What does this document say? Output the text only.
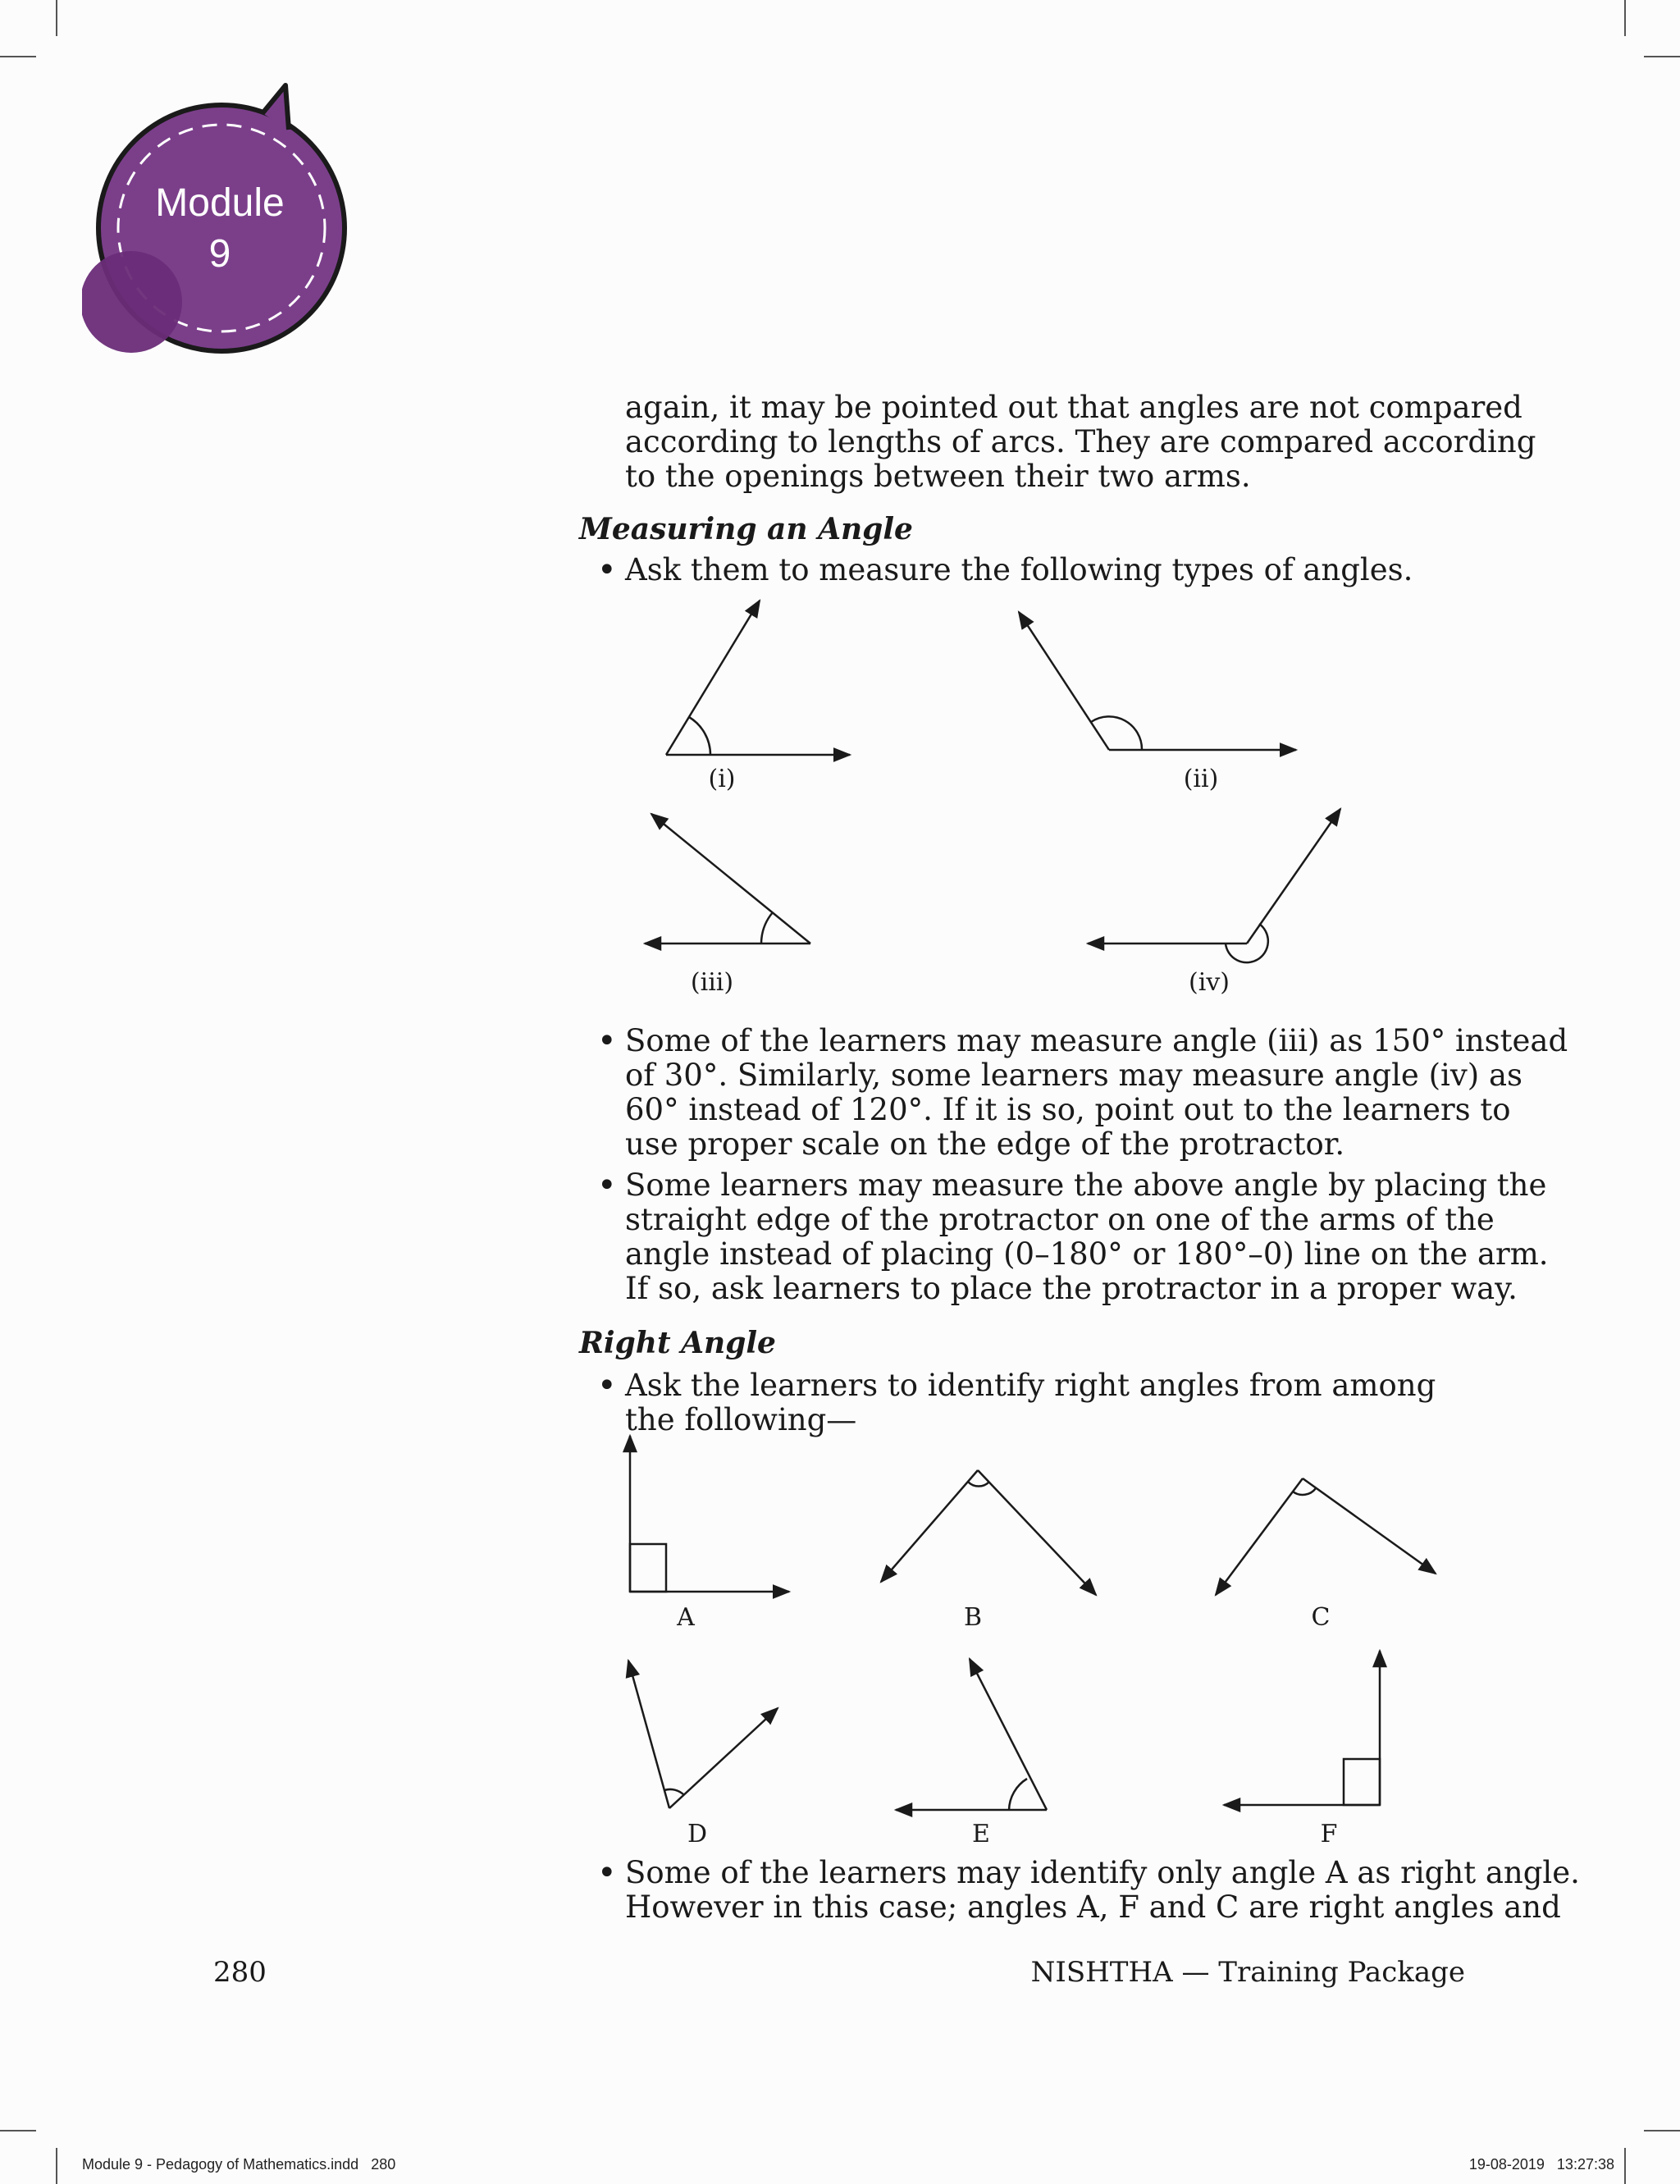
Module
9
again, it may be pointed out that angles are not compared
according to lengths of arcs. They are compared according
to the openings between their two arms.
Measuring an Angle
• Ask them to measure the following types of angles.
(i)	(ii)
(iii)	(iv)
• Some of the learners may measure angle (iii) as 150° instead
of 30°. Similarly, some learners may measure angle (iv) as
60° instead of 120°. If it is so, point out to the learners to
use proper scale on the edge of the protractor.
• Some learners may measure the above angle by placing the
straight edge of the protractor on one of the arms of the
angle instead of placing (0–180° or 180°–0) line on the arm.
If so, ask learners to place the protractor in a proper way.
Right Angle
• Ask the learners to identify right angles from among
the following—
A	B	C
D	E	F
• Some of the learners may identify only angle A as right angle.
However in this case; angles A, F and C are right angles and
280	NISHTHA — Training Package
Module 9 - Pedagogy of Mathematics.indd   280	19-08-2019   13:27:38
